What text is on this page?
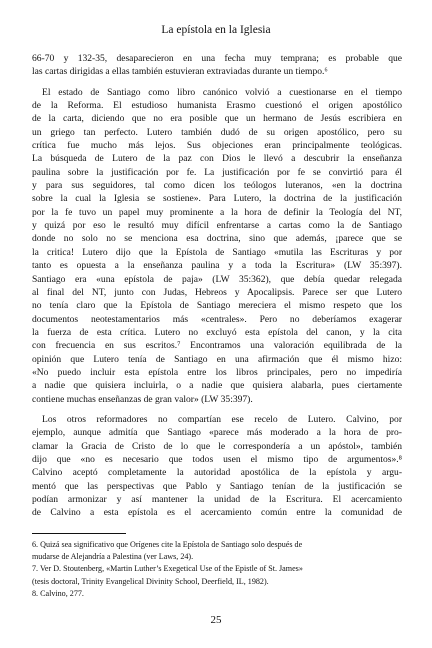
La epístola en la Iglesia
66-70 y 132-35, desaparecieron en una fecha muy temprana; es probable que
las cartas dirigidas a ellas también estuvieran extraviadas durante un tiempo.⁶
El estado de Santiago como libro canónico volvió a cuestionarse en el tiempo
de la Reforma. El estudioso humanista Erasmo cuestionó el origen apostólico
de la carta, diciendo que no era posible que un hermano de Jesús escribiera en
un griego tan perfecto. Lutero también dudó de su origen apostólico, pero su
crítica fue mucho más lejos. Sus objeciones eran principalmente teológicas.
La búsqueda de Lutero de la paz con Dios le llevó a descubrir la enseñanza
paulina sobre la justificación por fe. La justificación por fe se convirtió para él
y para sus seguidores, tal como dicen los teólogos luteranos, «en la doctrina
sobre la cual la Iglesia se sostiene». Para Lutero, la doctrina de la justificación
por la fe tuvo un papel muy prominente a la hora de definir la Teología del NT,
y quizá por eso le resultó muy difícil enfrentarse a cartas como la de Santiago
donde no solo no se menciona esa doctrina, sino que además, ¡parece que se
la critica! Lutero dijo que la Epístola de Santiago «mutila las Escrituras y por
tanto es opuesta a la enseñanza paulina y a toda la Escritura» (LW 35:397).
Santiago era «una epístola de paja» (LW 35:362), que debía quedar relegada
al final del NT, junto con Judas, Hebreos y Apocalipsis. Parece ser que Lutero
no tenía claro que la Epístola de Santiago mereciera el mismo respeto que los
documentos neotestamentarios más «centrales». Pero no deberíamos exagerar
la fuerza de esta crítica. Lutero no excluyó esta epístola del canon, y la cita
con frecuencia en sus escritos.⁷ Encontramos una valoración equilibrada de la
opinión que Lutero tenía de Santiago en una afirmación que él mismo hizo:
«No puedo incluir esta epístola entre los libros principales, pero no impediría
a nadie que quisiera incluirla, o a nadie que quisiera alabarla, pues ciertamente
contiene muchas enseñanzas de gran valor» (LW 35:397).
Los otros reformadores no compartían ese recelo de Lutero. Calvino, por
ejemplo, aunque admitía que Santiago «parece más moderado a la hora de pro-
clamar la Gracia de Cristo de lo que le correspondería a un apóstol», también
dijo que «no es necesario que todos usen el mismo tipo de argumentos».⁸
Calvino aceptó completamente la autoridad apostólica de la epístola y argu-
mentó que las perspectivas que Pablo y Santiago tenían de la justificación se
podían armonizar y así mantener la unidad de la Escritura. El acercamiento
de Calvino a esta epístola es el acercamiento común entre la comunidad de
6. Quizá sea significativo que Orígenes cite la Epístola de Santiago solo después de
mudarse de Alejandría a Palestina (ver Laws, 24).
7. Ver D. Stoutenberg, «Martin Luther’s Exegetical Use of the Epistle of St. James»
(tesis doctoral, Trinity Evangelical Divinity School, Deerfield, IL, 1982).
8. Calvino, 277.
25
